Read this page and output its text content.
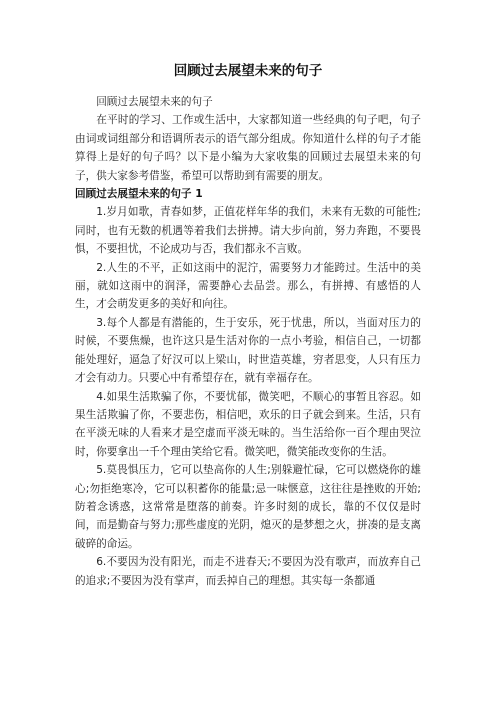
回顾过去展望未来的句子

回顾过去展望未来的句子

在平时的学习、工作或生活中，大家都知道一些经典的句子吧，句子由词或词组部分和语调所表示的语气部分组成。你知道什么样的句子才能算得上是好的句子吗？以下是小编为大家收集的回顾过去展望未来的句子，供大家参考借鉴，希望可以帮助到有需要的朋友。

回顾过去展望未来的句子 1

1.岁月如歌，青春如梦，正值花样年华的我们，未来有无数的可能性;同时，也有无数的机遇等着我们去拼搏。请大步向前，努力奔跑，不要畏惧，不要担忧，不论成功与否，我们都永不言败。

2.人生的不平，正如这雨中的泥泞，需要努力才能跨过。生活中的美丽，就如这雨中的润泽，需要静心去品尝。那么，有拼搏、有感悟的人生，才会萌发更多的美好和向往。

3.每个人都是有潜能的，生于安乐，死于忧患，所以，当面对压力的时候，不要焦燥，也许这只是生活对你的一点小考验，相信自己，一切都能处理好，逼急了好汉可以上梁山，时世造英雄，穷者思变，人只有压力才会有动力。只要心中有希望存在，就有幸福存在。

4.如果生活欺骗了你，不要忧郁，微笑吧，不顺心的事暂且容忍。如果生活欺骗了你，不要悲伤，相信吧，欢乐的日子就会到来。生活，只有在平淡无味的人看来才是空虚而平淡无味的。当生活给你一百个理由哭泣时，你要拿出一千个理由笑给它看。微笑吧，微笑能改变你的生活。

5.莫畏惧压力，它可以垫高你的人生;别躲避忙碌，它可以燃烧你的雄心;勿拒绝寒冷，它可以积蓄你的能量;忌一味惬意，这往往是挫败的开始;防着念诱惑，这常常是堕落的前奏。许多时刻的成长，靠的不仅仅是时间，而是勤奋与努力;那些虚度的光阴，熄灭的是梦想之火，拼凑的是支离破碎的命运。

6.不要因为没有阳光，而走不进春天;不要因为没有歌声，而放弃自己的追求;不要因为没有掌声，而丢掉自己的理想。其实每一条都通
